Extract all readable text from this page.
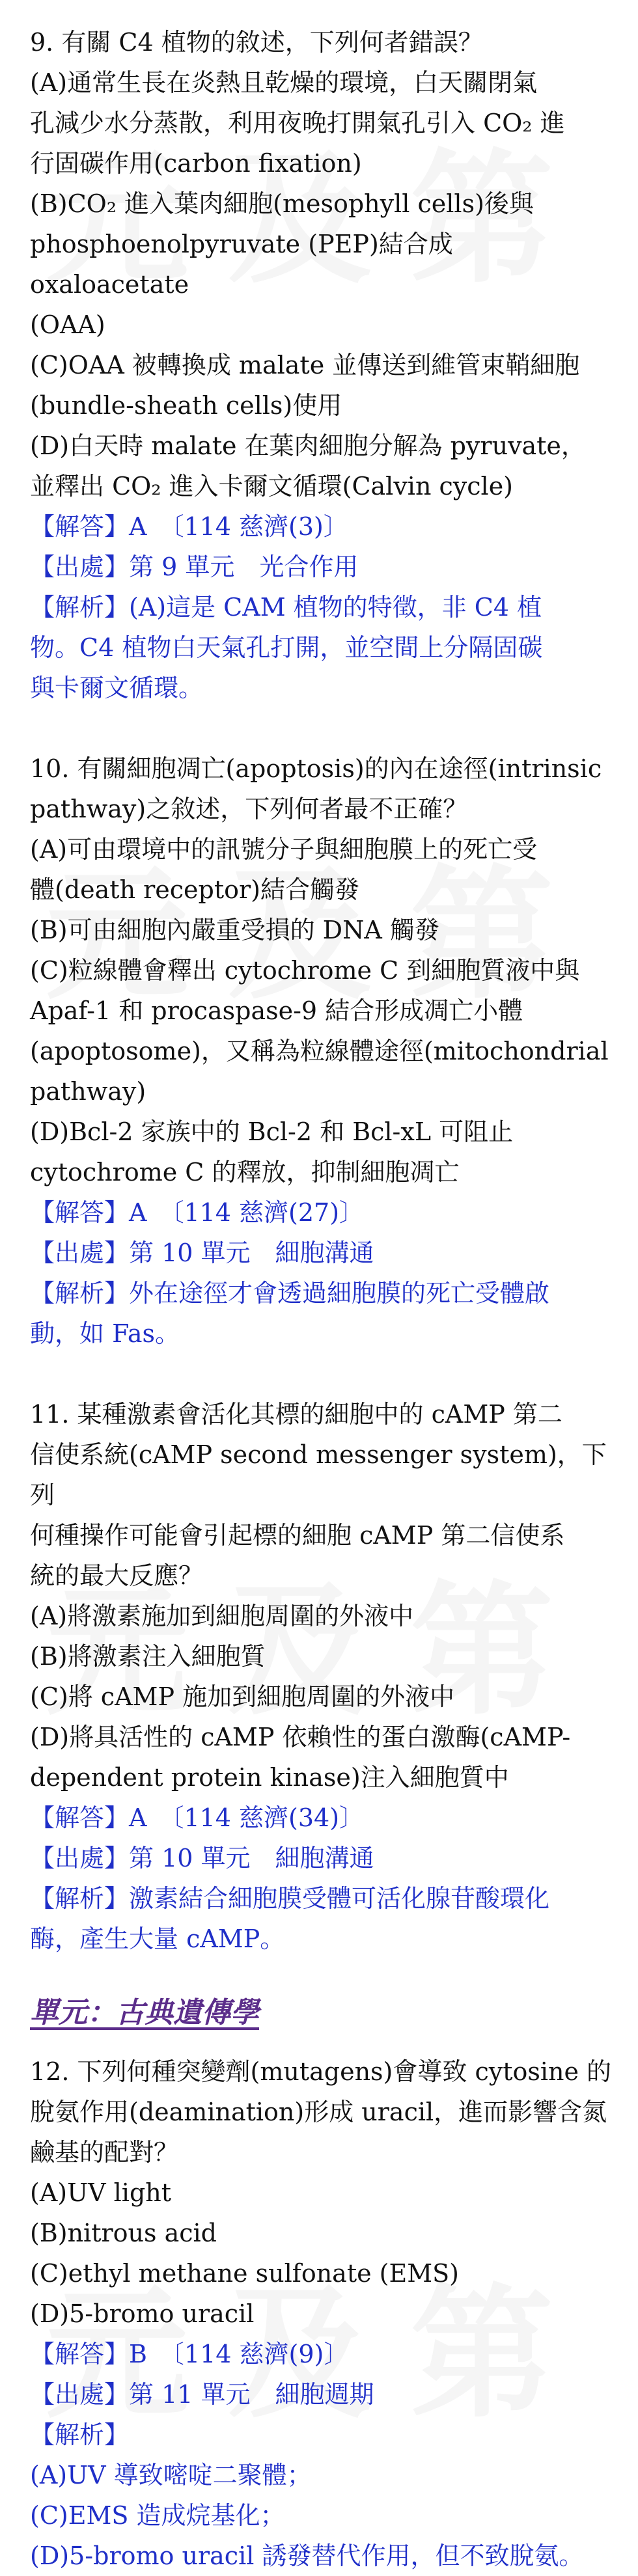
9. 有關 C4 植物的敘述，下列何者錯誤？

(A)通常生長在炎熱且乾燥的環境，白天關閉氣

孔減少水分蒸散，利用夜晚打開氣孔引入 CO₂ 進

行固碳作用(carbon fixation)

(B)CO₂ 進入葉肉細胞(mesophyll cells)後與

phosphoenolpyruvate (PEP)結合成 oxaloacetate

(OAA)

(C)OAA 被轉換成 malate 並傳送到維管束鞘細胞

(bundle-sheath cells)使用

(D)白天時 malate 在葉肉細胞分解為 pyruvate，

並釋出 CO₂ 進入卡爾文循環(Calvin cycle)

【解答】A　〔114 慈濟(3)〕

【出處】第 9 單元　光合作用

【解析】(A)這是 CAM 植物的特徵，非 C4 植

物。C4 植物白天氣孔打開，並空間上分隔固碳

與卡爾文循環。

10. 有關細胞凋亡(apoptosis)的內在途徑(intrinsic

pathway)之敘述，下列何者最不正確？

(A)可由環境中的訊號分子與細胞膜上的死亡受

體(death receptor)結合觸發

(B)可由細胞內嚴重受損的 DNA 觸發

(C)粒線體會釋出 cytochrome C 到細胞質液中與

Apaf-1 和 procaspase-9 結合形成凋亡小體

(apoptosome)，又稱為粒線體途徑(mitochondrial

pathway)

(D)Bcl-2 家族中的 Bcl-2 和 Bcl-xL 可阻止

cytochrome C 的釋放，抑制細胞凋亡

【解答】A　〔114 慈濟(27)〕

【出處】第 10 單元　細胞溝通

【解析】外在途徑才會透過細胞膜的死亡受體啟

動，如 Fas。

11. 某種激素會活化其標的細胞中的 cAMP 第二

信使系統(cAMP second messenger system)，下列

何種操作可能會引起標的細胞 cAMP 第二信使系

統的最大反應？

(A)將激素施加到細胞周圍的外液中

(B)將激素注入細胞質

(C)將 cAMP 施加到細胞周圍的外液中

(D)將具活性的 cAMP 依賴性的蛋白激酶(cAMP-

dependent protein kinase)注入細胞質中

【解答】A　〔114 慈濟(34)〕

【出處】第 10 單元　細胞溝通

【解析】激素結合細胞膜受體可活化腺苷酸環化

酶，產生大量 cAMP。

單元：古典遺傳學

12. 下列何種突變劑(mutagens)會導致 cytosine 的

脫氨作用(deamination)形成 uracil，進而影響含氮

鹼基的配對？

(A)UV light

(B)nitrous acid

(C)ethyl methane sulfonate (EMS)

(D)5-bromo uracil

【解答】B　〔114 慈濟(9)〕

【出處】第 11 單元　細胞週期

【解析】

(A)UV 導致嘧啶二聚體；

(C)EMS 造成烷基化；

(D)5-bromo uracil 誘發替代作用，但不致脫氨。
